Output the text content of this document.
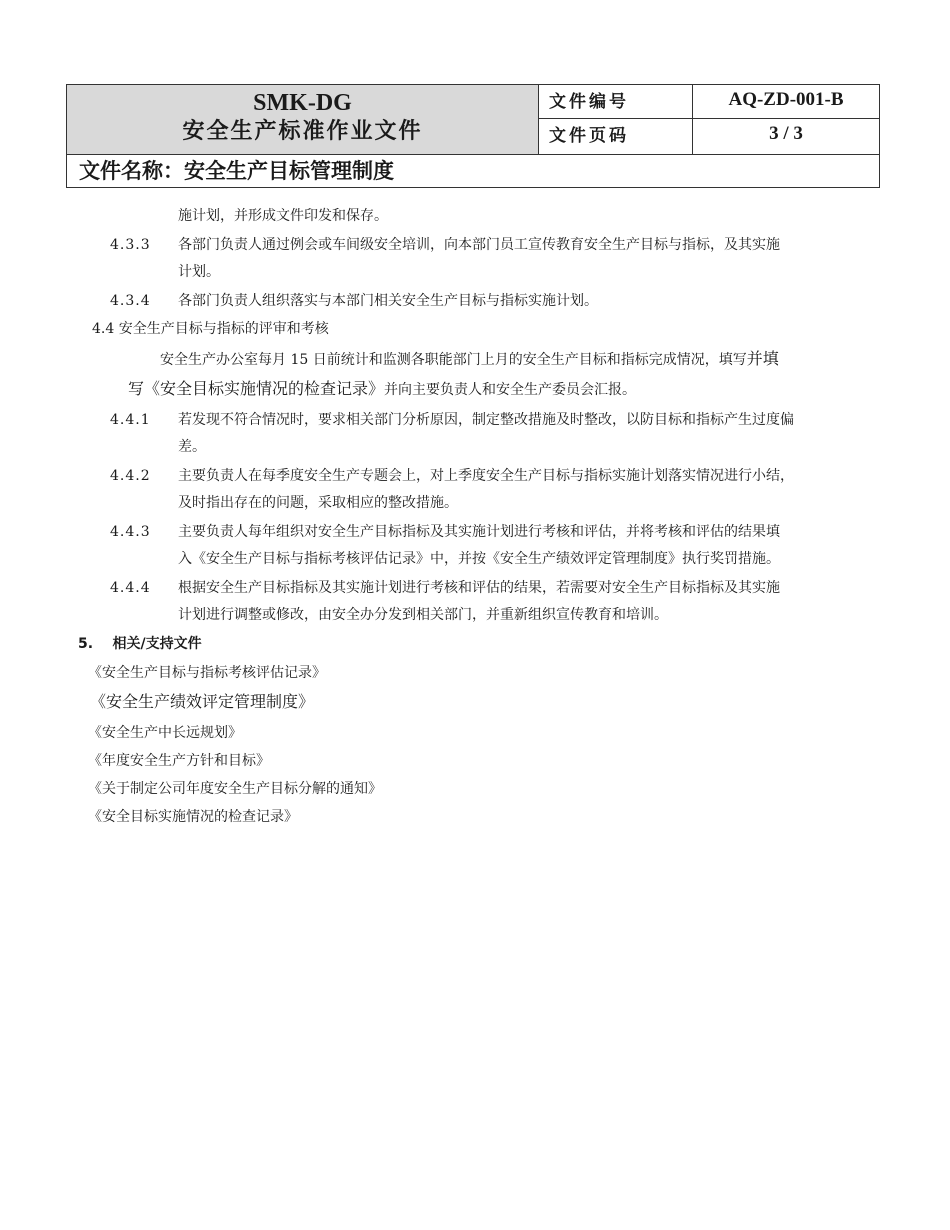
SMK-DG
安全生产标准作业文件
文件编号	AQ-ZD-001-B
文件页码	3 / 3
文件名称：安全生产目标管理制度
施计划，并形成文件印发和保存。
4.3.3 各部门负责人通过例会或车间级安全培训，向本部门员工宣传教育安全生产目标与指标，及其实施
计划。
4.3.4 各部门负责人组织落实与本部门相关安全生产目标与指标实施计划。
4.4 安全生产目标与指标的评审和考核
安全生产办公室每月 15 日前统计和监测各职能部门上月的安全生产目标和指标完成情况，填写并填
写《安全目标实施情况的检查记录》并向主要负责人和安全生产委员会汇报。
4.4.1 若发现不符合情况时，要求相关部门分析原因，制定整改措施及时整改，以防目标和指标产生过度偏
差。
4.4.2 主要负责人在每季度安全生产专题会上，对上季度安全生产目标与指标实施计划落实情况进行小结，
及时指出存在的问题，采取相应的整改措施。
4.4.3 主要负责人每年组织对安全生产目标指标及其实施计划进行考核和评估，并将考核和评估的结果填
入《安全生产目标与指标考核评估记录》中，并按《安全生产绩效评定管理制度》执行奖罚措施。
4.4.4 根据安全生产目标指标及其实施计划进行考核和评估的结果，若需要对安全生产目标指标及其实施
计划进行调整或修改，由安全办分发到相关部门，并重新组织宣传教育和培训。
5.    相关/支持文件
《安全生产目标与指标考核评估记录》
《安全生产绩效评定管理制度》
《安全生产中长远规划》
《年度安全生产方针和目标》
《关于制定公司年度安全生产目标分解的通知》
《安全目标实施情况的检查记录》
